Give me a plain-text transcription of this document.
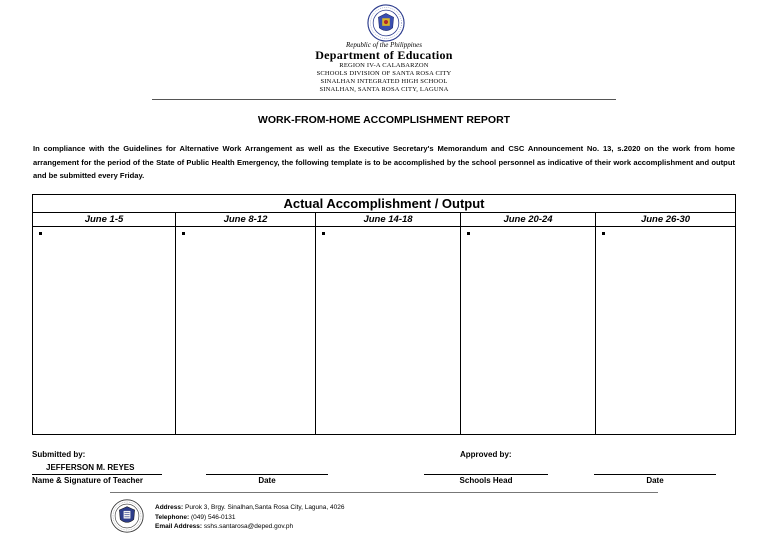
Republic of the Philippines
Department of Education
REGION IV-A CALABARZON
SCHOOLS DIVISION OF SANTA ROSA CITY
SINALHAN INTEGRATED HIGH SCHOOL
SINALHAN, SANTA ROSA CITY, LAGUNA
WORK-FROM-HOME ACCOMPLISHMENT REPORT
In compliance with the Guidelines for Alternative Work Arrangement as well as the Executive Secretary's Memorandum and CSC Announcement No. 13, s.2020 on the work from home arrangement for the period of the State of Public Health Emergency, the following template is to be accomplished by the school personnel as indicative of their work accomplishment and output and be submitted every Friday.
Actual Accomplishment / Output
June 1-5	June 8-12	June 14-18	June 20-24	June 26-30
Submitted by:
JEFFERSON M. REYES
Name & Signature of Teacher	Date
Approved by:
Schools Head	Date
Address: Purok 3, Brgy. Sinalhan,Santa Rosa City, Laguna, 4026
Telephone: (049) 546-0131
Email Address: sshs.santarosa@deped.gov.ph
